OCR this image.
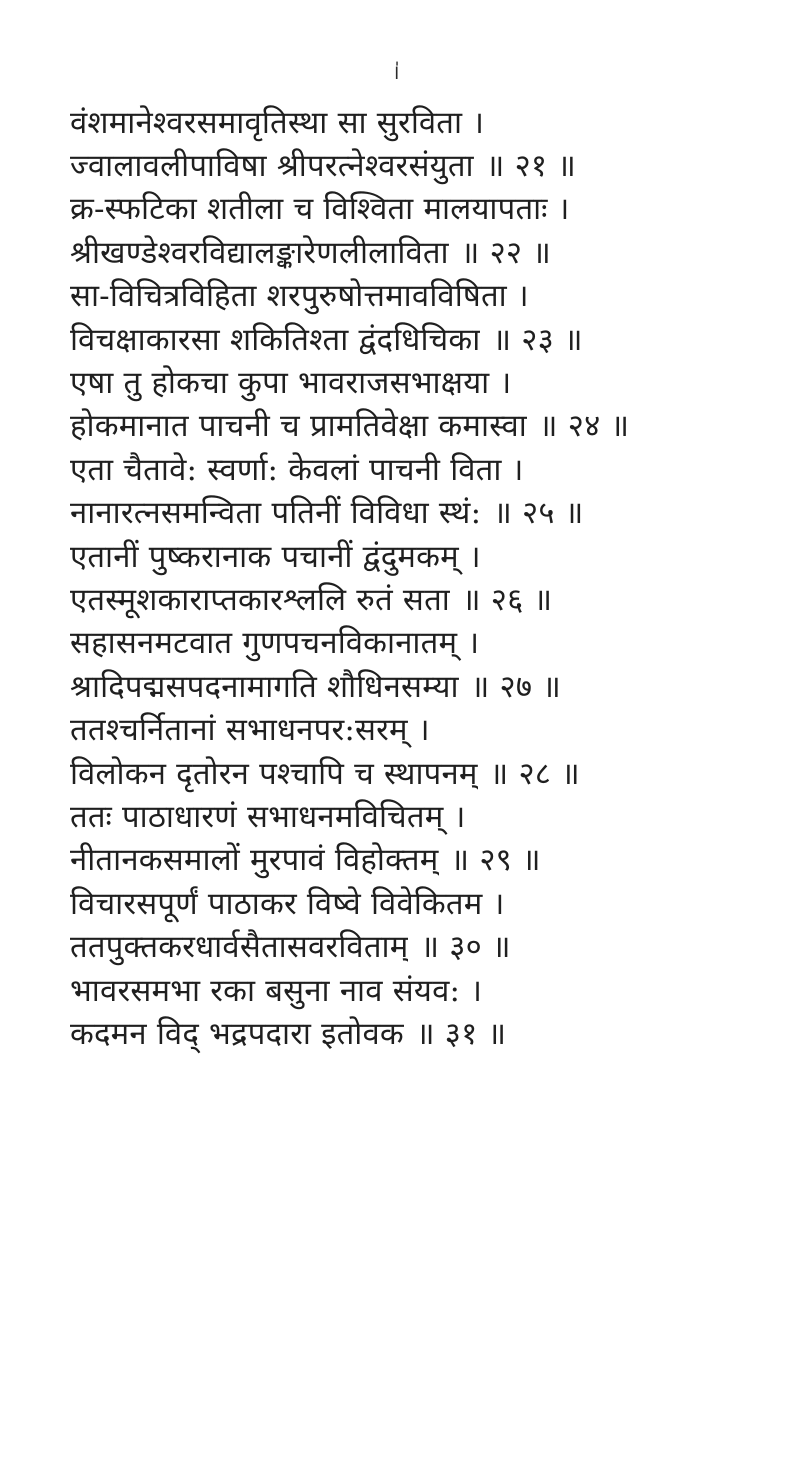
।॑
वंशमानेश्वरसमावृतिस्था सा सुरविता ।
ज्वालावलीपाविषा श्रीपरत्नेश्वरसंयुता ॥ २१ ॥
क्र-स्फटिका शतीला च विश्विता मालयापताः ।
श्रीखण्डेश्वरविद्यालङ्कारेणलीलाविता ॥ २२ ॥
सा-विचित्रविहिता शरपुरुषोत्तमावविषिता ।
विचक्षाकारसा शकितिश्ता द्वंदधिचिका ॥ २३ ॥
एषा तु होकचा कुपा भावराजसभाक्षया ।
होकमानात पाचनी च प्रामतिवेक्षा कमास्वा ॥ २४ ॥
एता चैतावे: स्वर्णा: केवलां पाचनी विता ।
नानारत्नसमन्विता पतिनीं विविधा स्थं: ॥ २५ ॥
एतानीं पुष्करानाक पचानीं द्वंदुमकम् ।
एतस्मूशकाराप्तकारश्ललि रुतं सता ॥ २६ ॥
सहासनमटवात गुणपचनविकानातम् ।
श्रादिपद्मसपदनामागति शौधिनसम्या ॥ २७ ॥
ततश्चर्नितानां सभाधनपर:सरम् ।
विलोकन दृतोरन पश्चापि च स्थापनम् ॥ २८ ॥
ततः पाठाधारणं सभाधनमविचितम् ।
नीतानकसमालों मुरपावं विहोक्तम् ॥ २९ ॥
विचारसपूर्णं पाठाकर विष्वे विवेकितम ।
ततपुक्तकरधार्वसैतासवरविताम् ॥ ३० ॥
भावरसमभा रका बसुना नाव संयव: ।
कदमन विद् भद्रपदारा इतोवक ॥ ३१ ॥
